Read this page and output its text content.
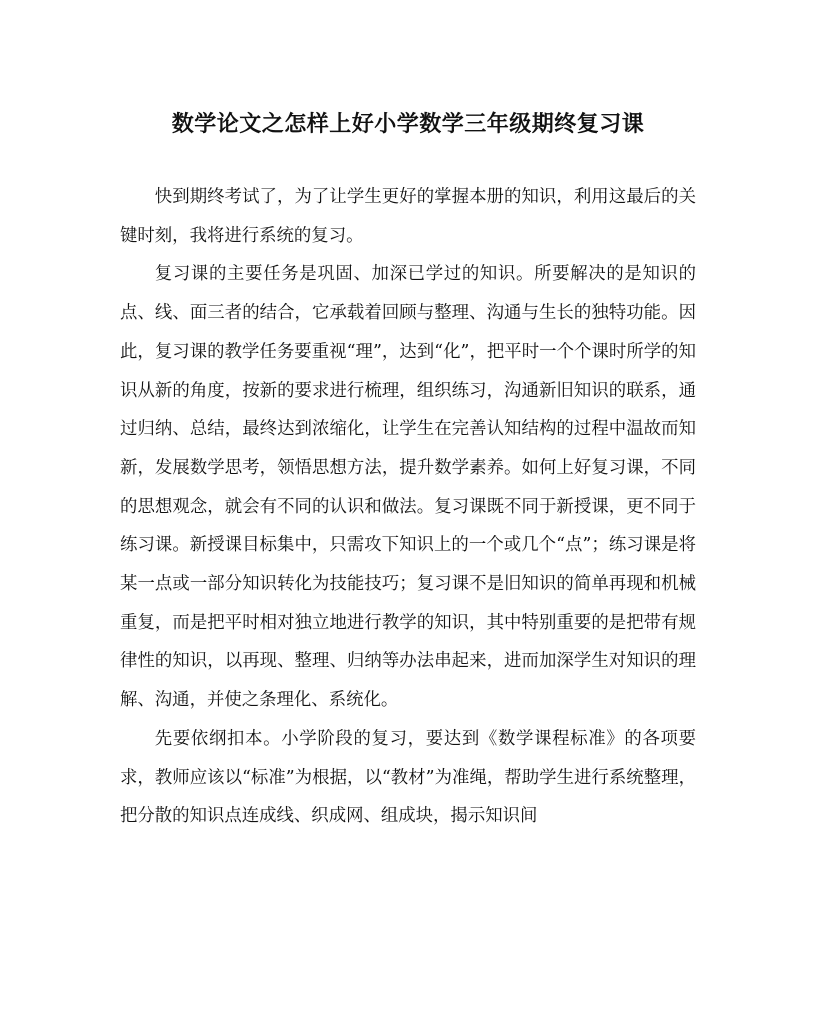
数学论文之怎样上好小学数学三年级期终复习课

快到期终考试了，为了让学生更好的掌握本册的知识，利用这最后的关键时刻，我将进行系统的复习。

复习课的主要任务是巩固、加深已学过的知识。所要解决的是知识的点、线、面三者的结合，它承载着回顾与整理、沟通与生长的独特功能。因此，复习课的教学任务要重视“理”，达到“化”，把平时一个个课时所学的知识从新的角度，按新的要求进行梳理，组织练习，沟通新旧知识的联系，通过归纳、总结，最终达到浓缩化，让学生在完善认知结构的过程中温故而知新，发展数学思考，领悟思想方法，提升数学素养。如何上好复习课，不同的思想观念，就会有不同的认识和做法。复习课既不同于新授课，更不同于练习课。新授课目标集中，只需攻下知识上的一个或几个“点”；练习课是将某一点或一部分知识转化为技能技巧；复习课不是旧知识的简单再现和机械重复，而是把平时相对独立地进行教学的知识，其中特别重要的是把带有规律性的知识，以再现、整理、归纳等办法串起来，进而加深学生对知识的理解、沟通，并使之条理化、系统化。

先要依纲扣本。小学阶段的复习，要达到《数学课程标准》的各项要求，教师应该以“标准”为根据，以“教材”为准绳，帮助学生进行系统整理，把分散的知识点连成线、织成网、组成块，揭示知识间
